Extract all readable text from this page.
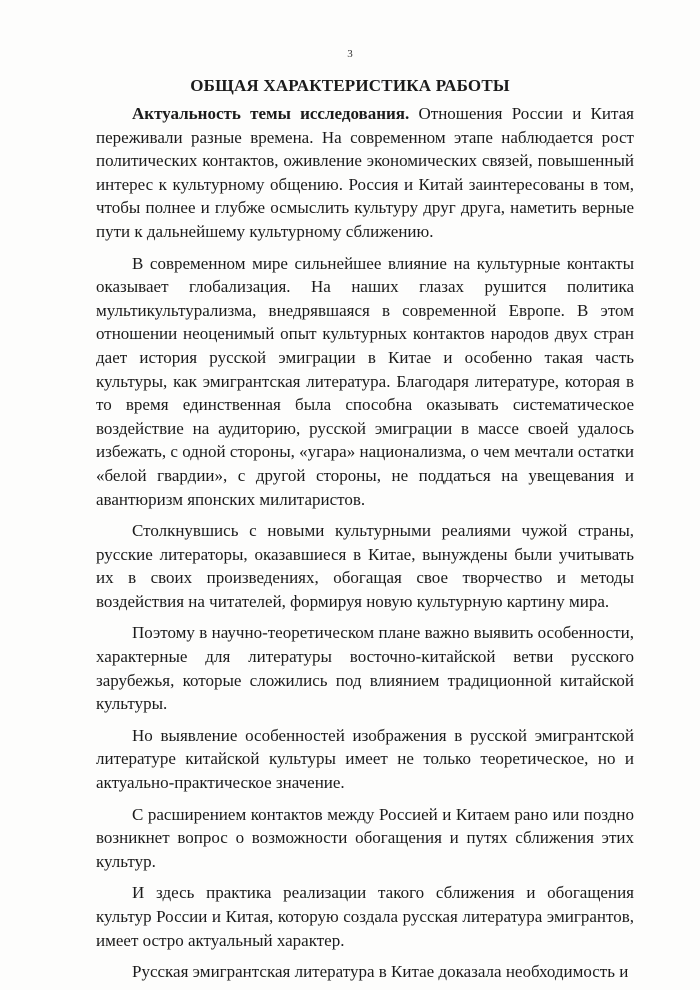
3
ОБЩАЯ ХАРАКТЕРИСТИКА РАБОТЫ

Актуальность темы исследования. Отношения России и Китая переживали разные времена. На современном этапе наблюдается рост политических контактов, оживление экономических связей, повышенный интерес к культурному общению. Россия и Китай заинтересованы в том, чтобы полнее и глубже осмыслить культуру друг друга, наметить верные пути к дальнейшему культурному сближению.

В современном мире сильнейшее влияние на культурные контакты оказывает глобализация. На наших глазах рушится политика мультикультурализма, внедрявшаяся в современной Европе. В этом отношении неоценимый опыт культурных контактов народов двух стран дает история русской эмиграции в Китае и особенно такая часть культуры, как эмигрантская литература. Благодаря литературе, которая в то время единственная была способна оказывать систематическое воздействие на аудиторию, русской эмиграции в массе своей удалось избежать, с одной стороны, «угара» национализма, о чем мечтали остатки «белой гвардии», с другой стороны, не поддаться на увещевания и авантюризм японских милитаристов.

Столкнувшись с новыми культурными реалиями чужой страны, русские литераторы, оказавшиеся в Китае, вынуждены были учитывать их в своих произведениях, обогащая свое творчество и методы воздействия на читателей, формируя новую культурную картину мира.

Поэтому в научно-теоретическом плане важно выявить особенности, характерные для литературы восточно-китайской ветви русского зарубежья, которые сложились под влиянием традиционной китайской культуры.

Но выявление особенностей изображения в русской эмигрантской литературе китайской культуры имеет не только теоретическое, но и актуально-практическое значение.

С расширением контактов между Россией и Китаем рано или поздно возникнет вопрос о возможности обогащения и путях сближения этих культур.

И здесь практика реализации такого сближения и обогащения культур России и Китая, которую создала русская литература эмигрантов, имеет остро актуальный характер.

Русская эмигрантская литература в Китае доказала необходимость и
